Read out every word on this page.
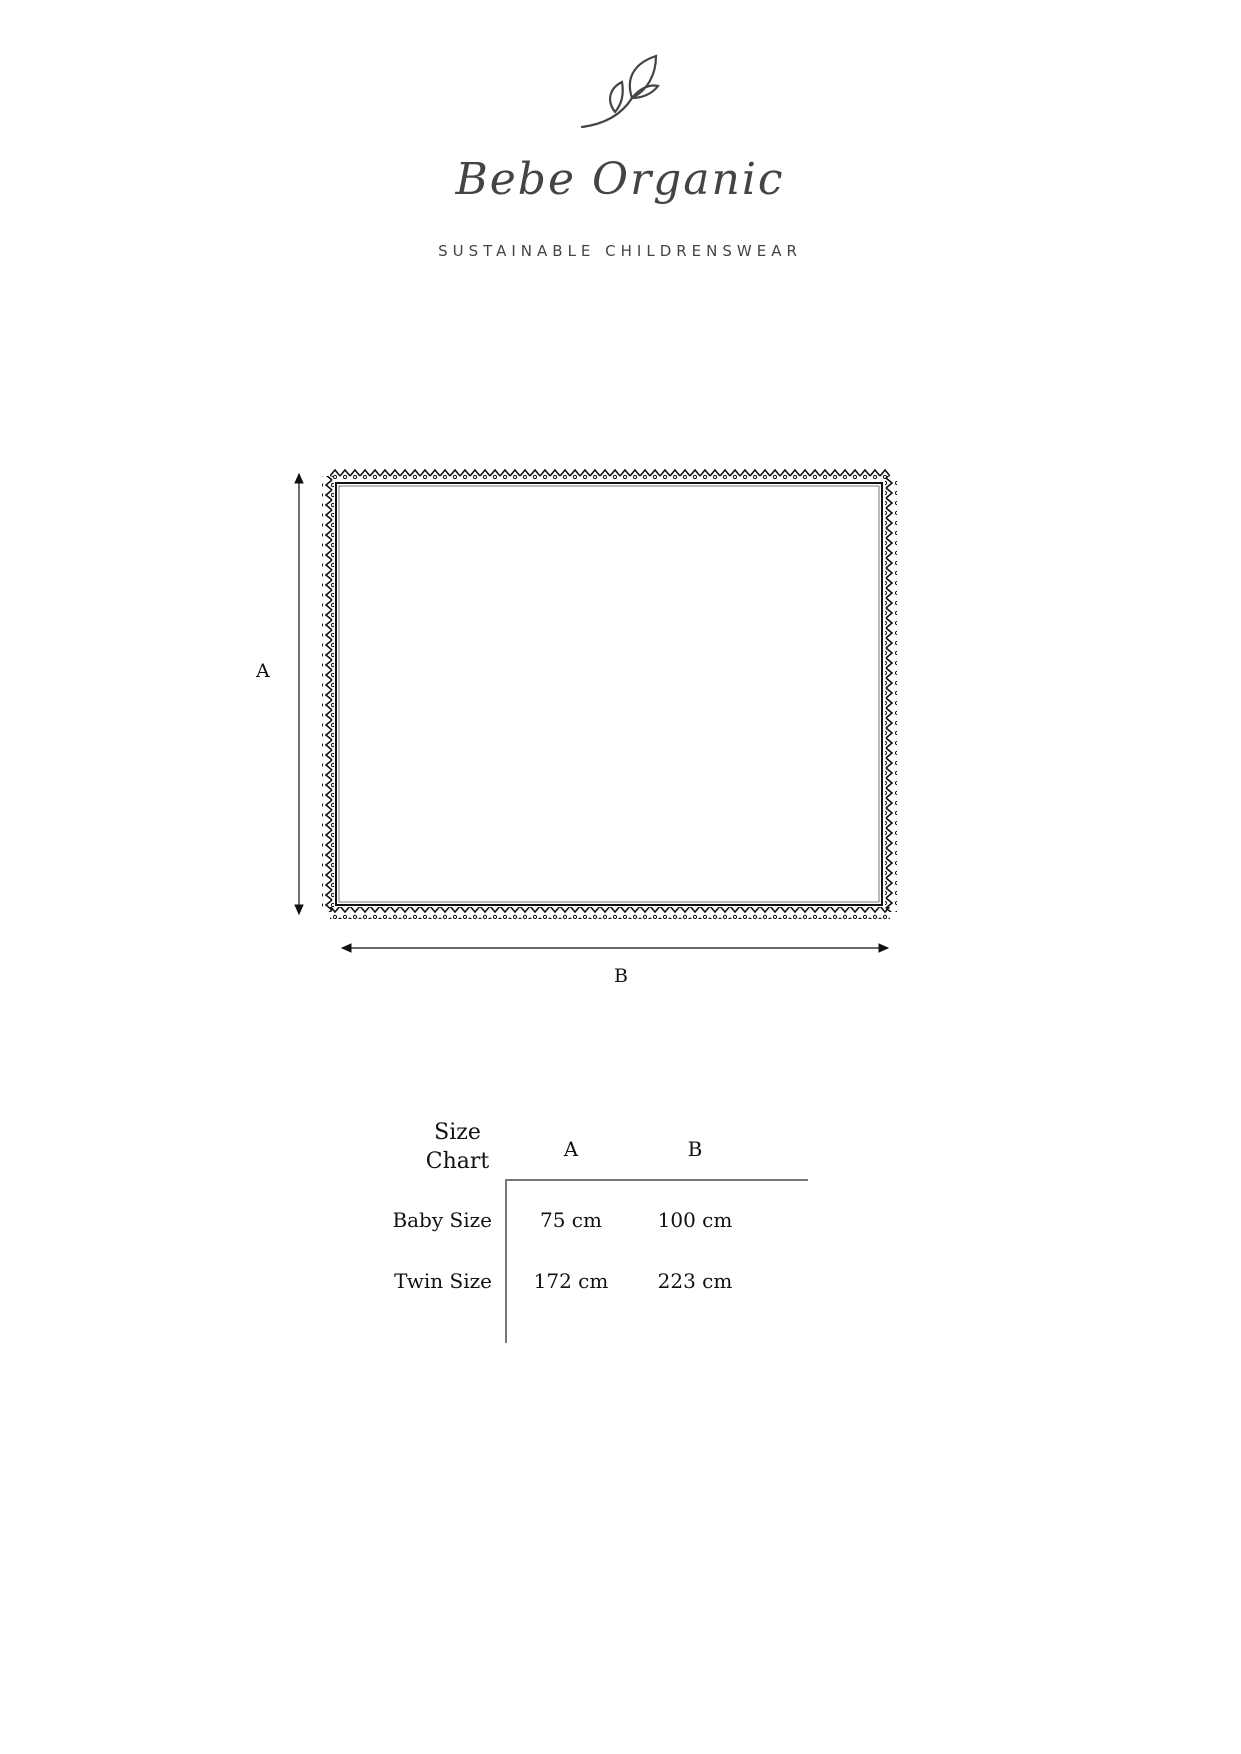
Bebe Organic
SUSTAINABLE CHILDRENSWEAR
A
B
Size
Chart	A	B
Baby Size	75 cm	100 cm
Twin Size	172 cm	223 cm
